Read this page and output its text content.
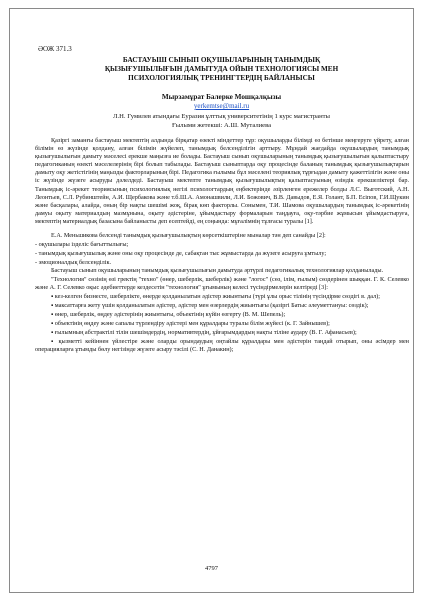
ӘОЖ 371.3
БАСТАУЫШ СЫНЫП ОҚУШЫЛАРЫНЫҢ ТАНЫМДЫҚ
ҚЫЗЫҒУШЫЛЫҒЫН ДАМЫТУДА ОЙЫН ТЕХНОЛОГИЯСЫ МЕН
ПСИХОЛОГИЯЛЫҚ ТРЕНИНГТЕРДІҢ БАЙЛАНЫСЫ
Мырзамұрат Балерке Мошқалқызы
yerkemtse@mail.ru
Л.Н. Гумилев атындағы Еуразия ұлттық университетінің 1 курс магистранты
Ғылыми жетекші: А.Ш. Муталиева

Қазіргі заманғы бастауыш мектептің алдында бірқатар өзекті міндеттер тұр: оқушыларды білімді өз бетінше меңгеруге үйрету, алған білімін өз жүзінде қолдану, алған білімін жүйелеп, танымдық белсенділігін арттыру. Мұндай жағдайда оқушылардың танымдық қызығушылығын дамыту мәселесі ерекше маңызға ие болады. Бастауыш сынып оқушыларының танымдық қызығушылығын қалыптастыру педагогиканың өзекті мәселелерінің бірі болып табылады. Бастауыш сыныптарда оқу процесінде баланың танымдық қызығушылықтарын дамыту оқу жетістігінің маңызды факторларының бірі. Педагогика ғылымы бұл мәселені теориялық тұрғыдан дамыту қажеттілігін және оны іс жүзінде жүзеге асыруды дәлелдеді. Бастауыш мектепте танымдық қызығушылықтың қалыптасуының өзіндік ерекшеліктері бар. Танымдық іс-әрекет теориясының психологиялық негізі психологтардың еңбектерінде әзірленген ережелер болды Л.С. Выготский, А.Н. Леонтьев, С.Л. Рубинштейн, А.И. Щербакова және т.б.Ш.А. Амонашвили, Л.И. Божович, В.В. Давыдов, Е.Я. Голант, Б.П. Есіпов, Г.И.Щукин және басқалары, алайда, оның бір нақты шешімі жоқ, бірақ көп факторлы. Сонымен, Т.И. Шамова оқушылардың танымдық іс-әрекетінің дамуы оқыту материалдың мазмұнына, оқыту әдістеріне, ұйымдастыру формаларын таңдауға, оқу-тәрбие жұмысын ұйымдастыруға, мектептің материалдық базасына байланысты деп есептейді, ең соңында: мұғалімнің тұлғасы туралы [1].

Е.А. Меньшикова белсенді танымдық қызығушылықтың көрсеткіштеріне мыналар тән деп санайды [2]:

- оқушылары ізделіс бағыттылығы;

- танымдық қызығушылық және оны оқу процесінде де, сабақтан тыс жұмыстарда да жүзеге асыруға ұмтылу;

- эмоционалдық белсенділік.

Бастауыш сынып оқушыларының танымдық қызығушылығын дамытуда әртүрлі педагогикалық технологиялар қолданылады.

"Технология" сөзінің өзі гректің "техно" (өнер, шеберлік, шеберлік) және "логос" (сөз, ілім, ғылым) сөздерінен шыққан. Г. К. Селевко және А. Г. Селевко оқыс әдебиеттерде кездесетін "технология" ұғымының келесі түсіндірмелерін келтіреді [3]:

▪ кез-келген бизнесте, шеберлікте, өнерде қолданылатын әдістер жиынтығы (түрі ұлы орыс тілінің түсіндірме сөздігі в. дал);

▪ максаттарға жету үшін қолданылатын әдістер, әдістер мен өзерлердің жиынтығы (қазіргі Батыс әлеуметтануы: сөздік);

▪ өнер, шеберлік, өңдеу әдістерінің жиынтығы, объектінің күйін өзгерту (В. М. Шепель);

▪ объектінің өңдеу және сапалы түрлендіру әдістері мен құралдары туралы білім жүйесі (к. Г. Зайнышев);

▪ ғылымның абстрактілі тілін шешімдердің, нормативтердің, ұйғарымдардың нақты тіліне аудару (В. Г. Афанасьев);

▪ қызметті кейіннен үйлестіре және оларды орындаудың оңтайлы құралдары мен әдістерін таңдай отырып, оны әсімдер мен операцияларға ұтымды бөлу негізінде жүзеге асыру тәсілі (С. Н. Данакин);

4797
